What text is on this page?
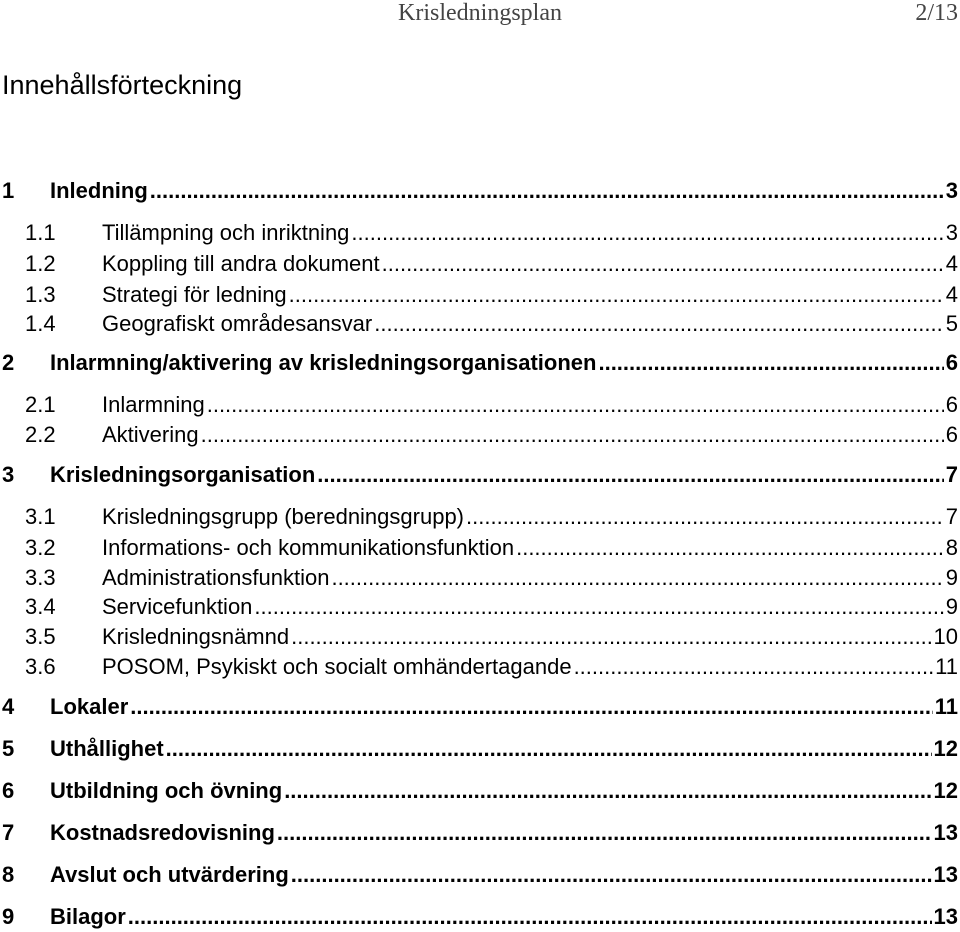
Krisledningsplan	2/13
Innehållsförteckning
1 Inledning .....	3
1.1 Tillämpning och inriktning .....	3
1.2 Koppling till andra dokument .....	4
1.3 Strategi för ledning .....	4
1.4 Geografiskt områdesansvar .....	5
2 Inlarmning/aktivering av krisledningsorganisationen .....	6
2.1 Inlarmning .....	6
2.2 Aktivering .....	6
3 Krisledningsorganisation .....	7
3.1 Krisledningsgrupp (beredningsgrupp) .....	7
3.2 Informations- och kommunikationsfunktion .....	8
3.3 Administrationsfunktion .....	9
3.4 Servicefunktion .....	9
3.5 Krisledningsnämnd .....	10
3.6 POSOM, Psykiskt och socialt omhändertagande .....	11
4 Lokaler .....	11
5 Uthållighet .....	12
6 Utbildning och övning .....	12
7 Kostnadsredovisning .....	13
8 Avslut och utvärdering .....	13
9 Bilagor .....	13
